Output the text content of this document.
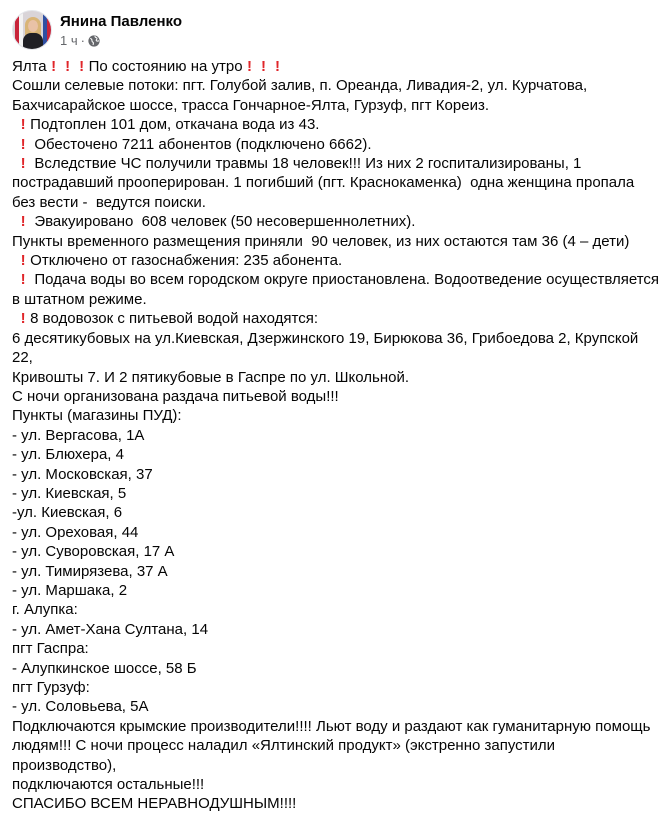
Янина Павленко
1 ч ·
Ялта ! ! ! По состоянию на утро ! ! !
Сошли селевые потоки: пгт. Голубой залив, п. Ореанда, Ливадия-2, ул. Курчатова,
Бахчисарайское шоссе, трасса Гончарное-Ялта, Гурзуф, пгт Кореиз.
! Подтоплен 101 дом, откачана вода из 43.
! Обесточено 7211 абонентов (подключено 6662).
! Вследствие ЧС получили травмы 18 человек!!! Из них 2 госпитализированы, 1
пострадавший прооперирован. 1 погибший (пгт. Краснокаменка)  одна женщина пропала
без вести -  ведутся поиски.
! Эвакуировано  608 человек (50 несовершеннолетних).
Пункты временного размещения приняли  90 человек, из них остаются там 36 (4 – дети)
! Отключено от газоснабжения: 235 абонента.
! Подача воды во всем городском округе приостановлена. Водоотведение осуществляется
в штатном режиме.
! 8 водовозок с питьевой водой находятся:
6 десятикубовых на ул.Киевская, Дзержинского 19, Бирюкова 36, Грибоедова 2, Крупской 22,
Кривошты 7. И 2 пятикубовые в Гаспре по ул. Школьной.
С ночи организована раздача питьевой воды!!!
Пункты (магазины ПУД):
- ул. Вергасова, 1А
- ул. Блюхера, 4
- ул. Московская, 37
- ул. Киевская, 5
-ул. Киевская, 6
- ул. Ореховая, 44
- ул. Суворовская, 17 А
- ул. Тимирязева, 37 А
- ул. Маршака, 2
г. Алупка:
- ул. Амет-Хана Султана, 14
пгт Гаспра:
- Алупкинское шоссе, 58 Б
пгт Гурзуф:
- ул. Соловьева, 5А
Подключаются крымские производители!!!! Льют воду и раздают как гуманитарную помощь
людям!!! С ночи процесс наладил «Ялтинский продукт» (экстренно запустили производство),
подключаются остальные!!!
СПАСИБО ВСЕМ НЕРАВНОДУШНЫМ!!!!
